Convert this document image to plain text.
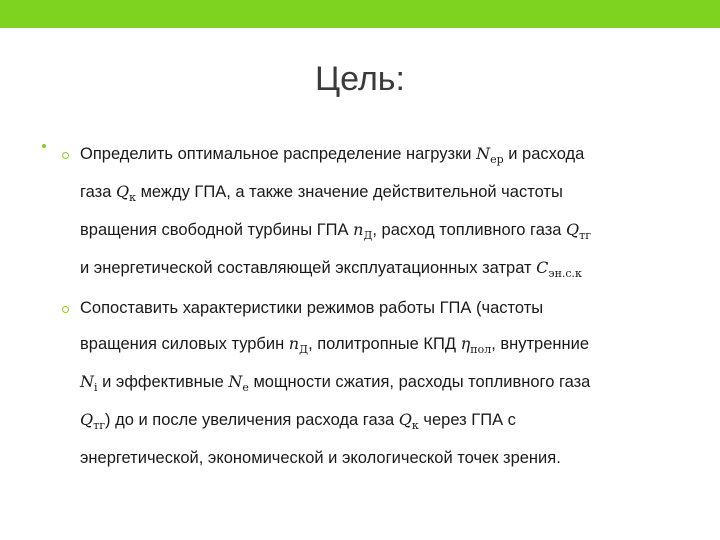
Цель:
Определить оптимальное распределение нагрузки $N_{ер}$ и расхода
газа $Q_к$ между ГПА, а также значение действительной частоты
вращения свободной турбины ГПА $n_Д$, расход топливного газа $Q_{тг}$
и энергетической составляющей эксплуатационных затрат $C_{эн.с.к}$
Сопоставить характеристики режимов работы ГПА (частоты
вращения силовых турбин $n_Д$, политропные КПД $\eta_{пол}$, внутренние
$N_i$ и эффективные $N_e$ мощности сжатия, расходы топливного газа
$Q_{тг}$) до и после увеличения расхода газа $Q_к$ через ГПА с
энергетической, экономической и экологической точек зрения.
